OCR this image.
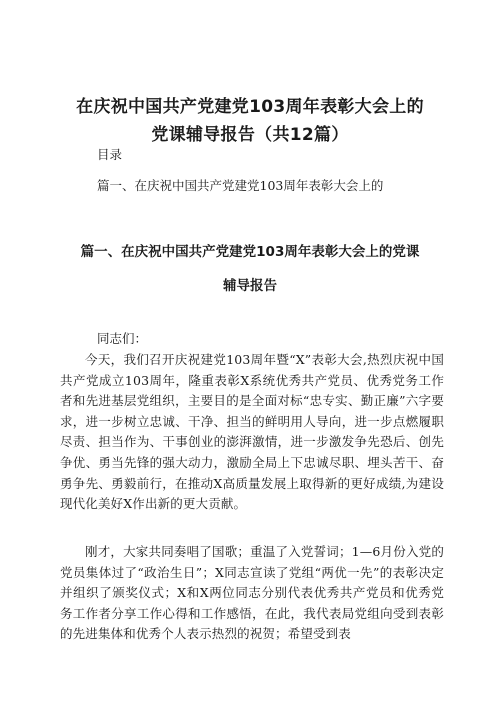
在庆祝中国共产党建党103周年表彰大会上的
党课辅导报告（共12篇）
目录
篇一、在庆祝中国共产党建党103周年表彰大会上的
篇一、在庆祝中国共产党建党103周年表彰大会上的党课
辅导报告
同志们：
今天，我们召开庆祝建党103周年暨“X”表彰大会,热烈庆祝中国共产党成立103周年，隆重表彰X系统优秀共产党员、优秀党务工作者和先进基层党组织，主要目的是全面对标“忠专实、勤正廉”六字要求，进一步树立忠诚、干净、担当的鲜明用人导向，进一步点燃履职尽责、担当作为、干事创业的澎湃激情，进一步激发争先恐后、创先争优、勇当先锋的强大动力，激励全局上下忠诚尽职、埋头苦干、奋勇争先、勇毅前行，在推动X高质量发展上取得新的更好成绩,为建设现代化美好X作出新的更大贡献。
刚才，大家共同奏唱了国歌；重温了入党誓词；1—6月份入党的党员集体过了“政治生日”；X同志宣读了党组“两优一先”的表彰决定并组织了颁奖仪式；X和X两位同志分别代表优秀共产党员和优秀党务工作者分享工作心得和工作感悟，在此，我代表局党组向受到表彰的先进集体和优秀个人表示热烈的祝贺；希望受到表
